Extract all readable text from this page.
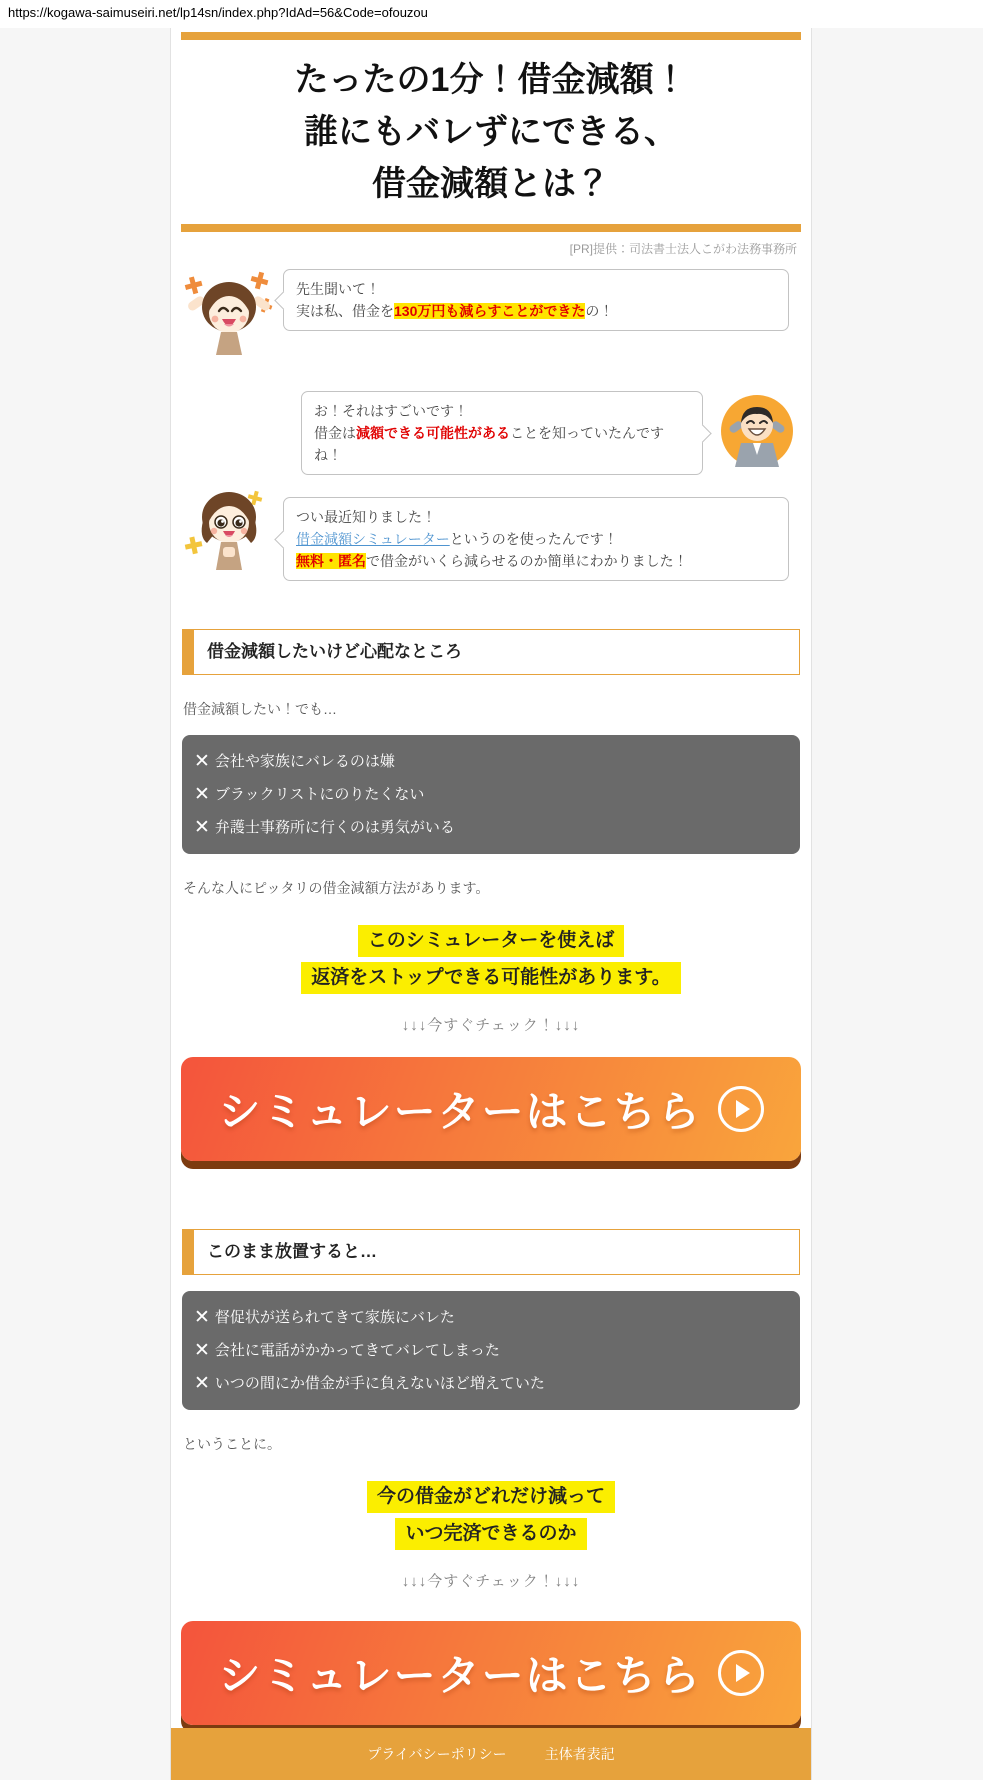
https://kogawa-saimuseiri.net/lp14sn/index.php?IdAd=56&Code=ofouzou
たったの1分！借金減額！
誰にもバレずにできる、
借金減額とは？
[PR]提供：司法書士法人こがわ法務事務所
先生聞いて！
実は私、借金を130万円も減らすことができたの！
お！それはすごいです！
借金は減額できる可能性があることを知っていたんですね！
つい最近知りました！
借金減額シミュレーターというのを使ったんです！
無料・匿名で借金がいくら減らせるのか簡単にわかりました！
借金減額したいけど心配なところ
借金減額したい！でも…
✕ 会社や家族にバレるのは嫌
✕ ブラックリストにのりたくない
✕ 弁護士事務所に行くのは勇気がいる
そんな人にピッタリの借金減額方法があります。
このシミュレーターを使えば
返済をストップできる可能性があります。
↓↓↓今すぐチェック！↓↓↓
シミュレーターはこちら
このまま放置すると…
✕ 督促状が送られてきて家族にバレた
✕ 会社に電話がかかってきてバレてしまった
✕ いつの間にか借金が手に負えないほど増えていた
ということに。
今の借金がどれだけ減って
いつ完済できるのか
↓↓↓今すぐチェック！↓↓↓
シミュレーターはこちら
プライバシーポリシー	主体者表記
